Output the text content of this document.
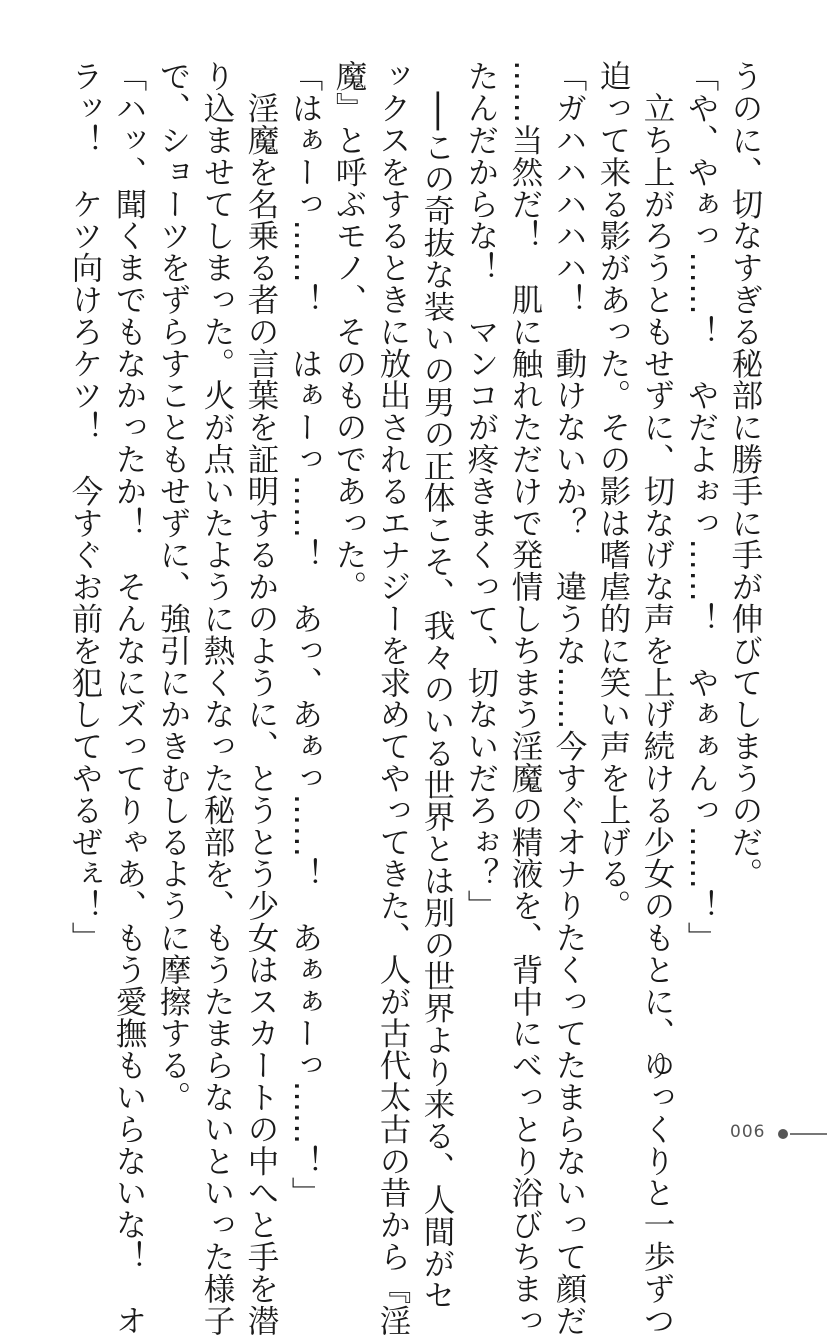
うのに、切なすぎる秘部に勝手に手が伸びてしまうのだ。
「や、やぁっ……！　やだよぉっ……！　やぁぁんっ……！」
　立ち上がろうともせずに、切なげな声を上げ続ける少女のもとに、ゆっくりと一歩ずつ
迫って来る影があった。その影は嗜虐的に笑い声を上げる。
「ガハハハハハ！　動けないか？　違うな……今すぐオナりたくってたまらないって顔だ
……当然だ！　肌に触れただけで発情しちまう淫魔の精液を、背中にべっとり浴びちまっ
たんだからな！　マンコが疼きまくって、切ないだろぉ？」
　──この奇抜な装いの男の正体こそ、我々のいる世界とは別の世界より来る、人間がセ
ックスをするときに放出されるエナジーを求めてやってきた、人が古代太古の昔から『淫
魔』と呼ぶモノ、そのものであった。
「はぁーっ……！　はぁーっ……！　あっ、あぁっ……！　あぁぁーっ……！」
　淫魔を名乗る者の言葉を証明するかのように、とうとう少女はスカートの中へと手を潜
り込ませてしまった。火が点いたように熱くなった秘部を、もうたまらないといった様子
で、ショーツをずらすこともせずに、強引にかきむしるように摩擦する。
「ハッ、聞くまでもなかったか！　そんなにズってりゃあ、もう愛撫もいらないな！　オ
ラッ！　ケツ向けろケツ！　今すぐお前を犯してやるぜぇ！」
006
